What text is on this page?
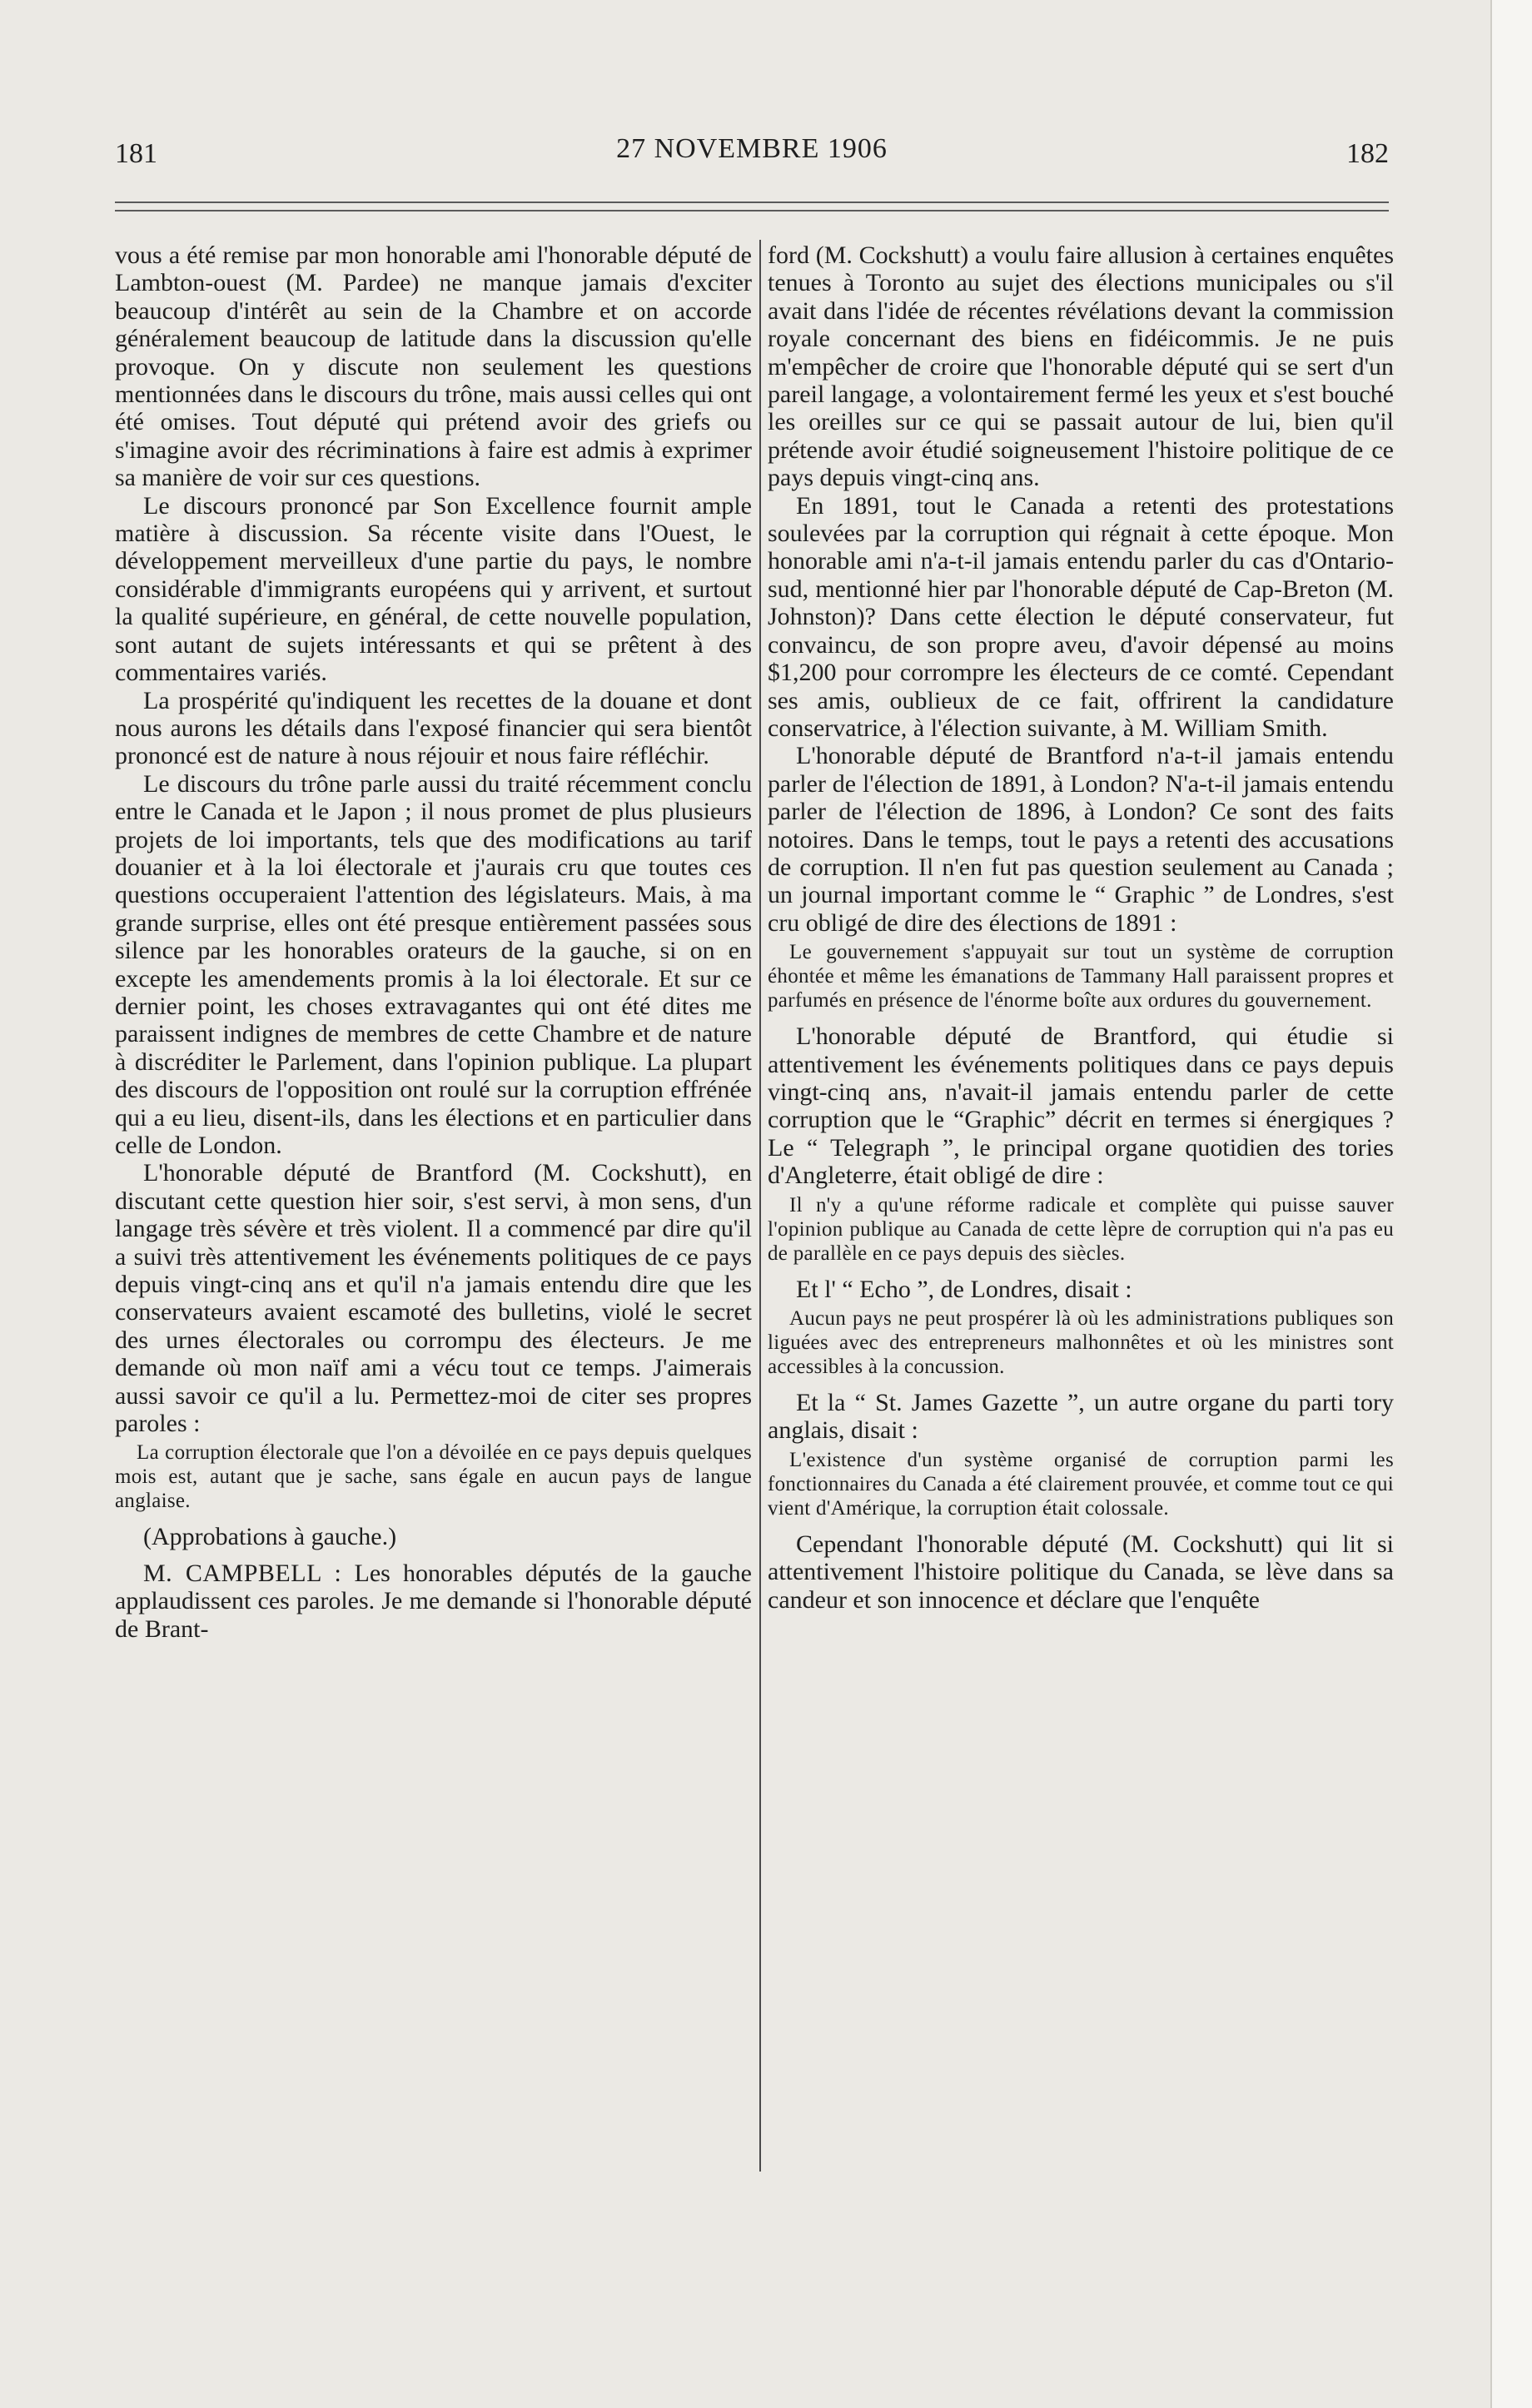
181	27 NOVEMBRE 1906	182

vous a été remise par mon honorable ami l'honorable député de Lambton-ouest (M. Pardee) ne manque jamais d'exciter beaucoup d'intérêt au sein de la Chambre et on accorde généralement beaucoup de latitude dans la discussion qu'elle provoque. On y discute non seulement les questions mentionnées dans le discours du trône, mais aussi celles qui ont été omises. Tout député qui prétend avoir des griefs ou s'imagine avoir des récriminations à faire est admis à exprimer sa manière de voir sur ces questions.

Le discours prononcé par Son Excellence fournit ample matière à discussion. Sa récente visite dans l'Ouest, le développement merveilleux d'une partie du pays, le nombre considérable d'immigrants européens qui y arrivent, et surtout la qualité supérieure, en général, de cette nouvelle population, sont autant de sujets intéressants et qui se prêtent à des commentaires variés.

La prospérité qu'indiquent les recettes de la douane et dont nous aurons les détails dans l'exposé financier qui sera bientôt prononcé est de nature à nous réjouir et nous faire réfléchir.

Le discours du trône parle aussi du traité récemment conclu entre le Canada et le Japon ; il nous promet de plus plusieurs projets de loi importants, tels que des modifications au tarif douanier et à la loi électorale et j'aurais cru que toutes ces questions occuperaient l'attention des législateurs. Mais, à ma grande surprise, elles ont été presque entièrement passées sous silence par les honorables orateurs de la gauche, si on en excepte les amendements promis à la loi électorale. Et sur ce dernier point, les choses extravagantes qui ont été dites me paraissent indignes de membres de cette Chambre et de nature à discréditer le Parlement, dans l'opinion publique. La plupart des discours de l'opposition ont roulé sur la corruption effrénée qui a eu lieu, disent-ils, dans les élections et en particulier dans celle de London.

L'honorable député de Brantford (M. Cockshutt), en discutant cette question hier soir, s'est servi, à mon sens, d'un langage très sévère et très violent. Il a commencé par dire qu'il a suivi très attentivement les événements politiques de ce pays depuis vingt-cinq ans et qu'il n'a jamais entendu dire que les conservateurs avaient escamoté des bulletins, violé le secret des urnes électorales ou corrompu des électeurs. Je me demande où mon naïf ami a vécu tout ce temps. J'aimerais aussi savoir ce qu'il a lu. Permettez-moi de citer ses propres paroles :

La corruption électorale que l'on a dévoilée en ce pays depuis quelques mois est, autant que je sache, sans égale en aucun pays de langue anglaise.

(Approbations à gauche.)

M. CAMPBELL : Les honorables députés de la gauche applaudissent ces paroles. Je me demande si l'honorable député de Brant-

ford (M. Cockshutt) a voulu faire allusion à certaines enquêtes tenues à Toronto au sujet des élections municipales ou s'il avait dans l'idée de récentes révélations devant la commission royale concernant des biens en fidéicommis. Je ne puis m'empêcher de croire que l'honorable député qui se sert d'un pareil langage, a volontairement fermé les yeux et s'est bouché les oreilles sur ce qui se passait autour de lui, bien qu'il prétende avoir étudié soigneusement l'histoire politique de ce pays depuis vingt-cinq ans.

En 1891, tout le Canada a retenti des protestations soulevées par la corruption qui régnait à cette époque. Mon honorable ami n'a-t-il jamais entendu parler du cas d'Ontario-sud, mentionné hier par l'honorable député de Cap-Breton (M. Johnston)? Dans cette élection le député conservateur, fut convaincu, de son propre aveu, d'avoir dépensé au moins $1,200 pour corrompre les électeurs de ce comté. Cependant ses amis, oublieux de ce fait, offrirent la candidature conservatrice, à l'élection suivante, à M. William Smith.

L'honorable député de Brantford n'a-t-il jamais entendu parler de l'élection de 1891, à London? N'a-t-il jamais entendu parler de l'élection de 1896, à London? Ce sont des faits notoires. Dans le temps, tout le pays a retenti des accusations de corruption. Il n'en fut pas question seulement au Canada ; un journal important comme le “ Graphic ” de Londres, s'est cru obligé de dire des élections de 1891 :

Le gouvernement s'appuyait sur tout un système de corruption éhontée et même les émanations de Tammany Hall paraissent propres et parfumés en présence de l'énorme boîte aux ordures du gouvernement.

L'honorable député de Brantford, qui étudie si attentivement les événements politiques dans ce pays depuis vingt-cinq ans, n'avait-il jamais entendu parler de cette corruption que le “Graphic” décrit en termes si énergiques ? Le “ Telegraph ”, le principal organe quotidien des tories d'Angleterre, était obligé de dire :

Il n'y a qu'une réforme radicale et complète qui puisse sauver l'opinion publique au Canada de cette lèpre de corruption qui n'a pas eu de parallèle en ce pays depuis des siècles.

Et l' “ Echo ”, de Londres, disait :

Aucun pays ne peut prospérer là où les administrations publiques son liguées avec des entrepreneurs malhonnêtes et où les ministres sont accessibles à la concussion.

Et la “ St. James Gazette ”, un autre organe du parti tory anglais, disait :

L'existence d'un système organisé de corruption parmi les fonctionnaires du Canada a été clairement prouvée, et comme tout ce qui vient d'Amérique, la corruption était colossale.

Cependant l'honorable député (M. Cockshutt) qui lit si attentivement l'histoire politique du Canada, se lève dans sa candeur et son innocence et déclare que l'enquête
